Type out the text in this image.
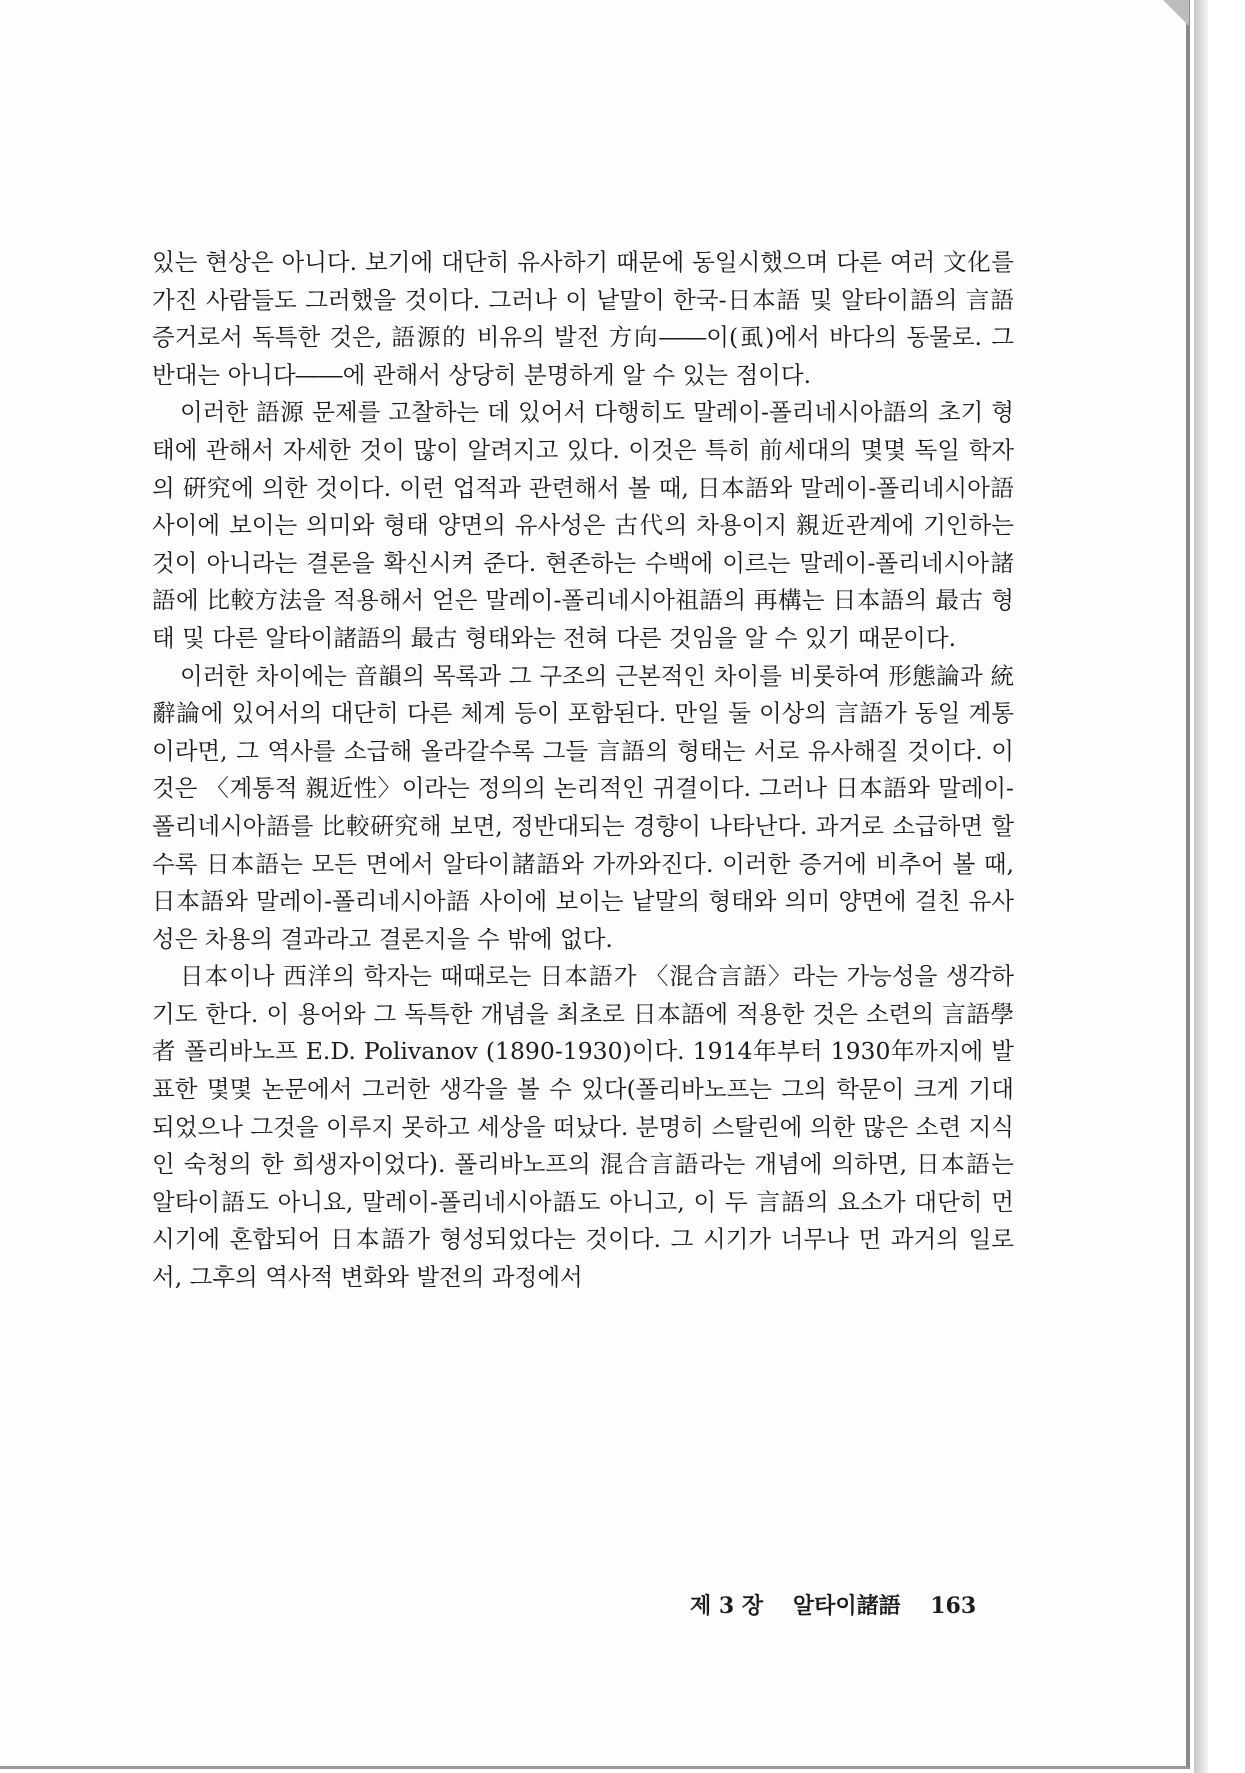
있는 현상은 아니다. 보기에 대단히 유사하기 때문에 동일시했으며 다른 여러 文化를 가진 사람들도 그러했을 것이다. 그러나 이 낱말이 한국-日本語 및 알타이語의 言語 증거로서 독특한 것은, 語源的 비유의 발전 方向――이(虱)에서 바다의 동물로. 그 반대는 아니다――에 관해서 상당히 분명하게 알 수 있는 점이다.

이러한 語源 문제를 고찰하는 데 있어서 다행히도 말레이-폴리네시아語의 초기 형태에 관해서 자세한 것이 많이 알려지고 있다. 이것은 특히 前세대의 몇몇 독일 학자의 硏究에 의한 것이다. 이런 업적과 관련해서 볼 때, 日本語와 말레이-폴리네시아語 사이에 보이는 의미와 형태 양면의 유사성은 古代의 차용이지 親近관계에 기인하는 것이 아니라는 결론을 확신시켜 준다. 현존하는 수백에 이르는 말레이-폴리네시아諸語에 比較方法을 적용해서 얻은 말레이-폴리네시아祖語의 再構는 日本語의 最古 형태 및 다른 알타이諸語의 最古 형태와는 전혀 다른 것임을 알 수 있기 때문이다.

이러한 차이에는 音韻의 목록과 그 구조의 근본적인 차이를 비롯하여 形態論과 統辭論에 있어서의 대단히 다른 체계 등이 포함된다. 만일 둘 이상의 言語가 동일 계통이라면, 그 역사를 소급해 올라갈수록 그들 言語의 형태는 서로 유사해질 것이다. 이것은 〈계통적 親近性〉이라는 정의의 논리적인 귀결이다. 그러나 日本語와 말레이-폴리네시아語를 比較硏究해 보면, 정반대되는 경향이 나타난다. 과거로 소급하면 할수록 日本語는 모든 면에서 알타이諸語와 가까와진다. 이러한 증거에 비추어 볼 때, 日本語와 말레이-폴리네시아語 사이에 보이는 낱말의 형태와 의미 양면에 걸친 유사성은 차용의 결과라고 결론지을 수 밖에 없다.

日本이나 西洋의 학자는 때때로는 日本語가 〈混合言語〉라는 가능성을 생각하기도 한다. 이 용어와 그 독특한 개념을 최초로 日本語에 적용한 것은 소련의 言語學者 폴리바노프 E.D. Polivanov (1890-1930)이다. 1914年부터 1930年까지에 발표한 몇몇 논문에서 그러한 생각을 볼 수 있다(폴리바노프는 그의 학문이 크게 기대되었으나 그것을 이루지 못하고 세상을 떠났다. 분명히 스탈린에 의한 많은 소련 지식인 숙청의 한 희생자이었다). 폴리바노프의 混合言語라는 개념에 의하면, 日本語는 알타이語도 아니요, 말레이-폴리네시아語도 아니고, 이 두 言語의 요소가 대단히 먼 시기에 혼합되어 日本語가 형성되었다는 것이다. 그 시기가 너무나 먼 과거의 일로서, 그후의 역사적 변화와 발전의 과정에서

제 3 장 알타이諸語 163
